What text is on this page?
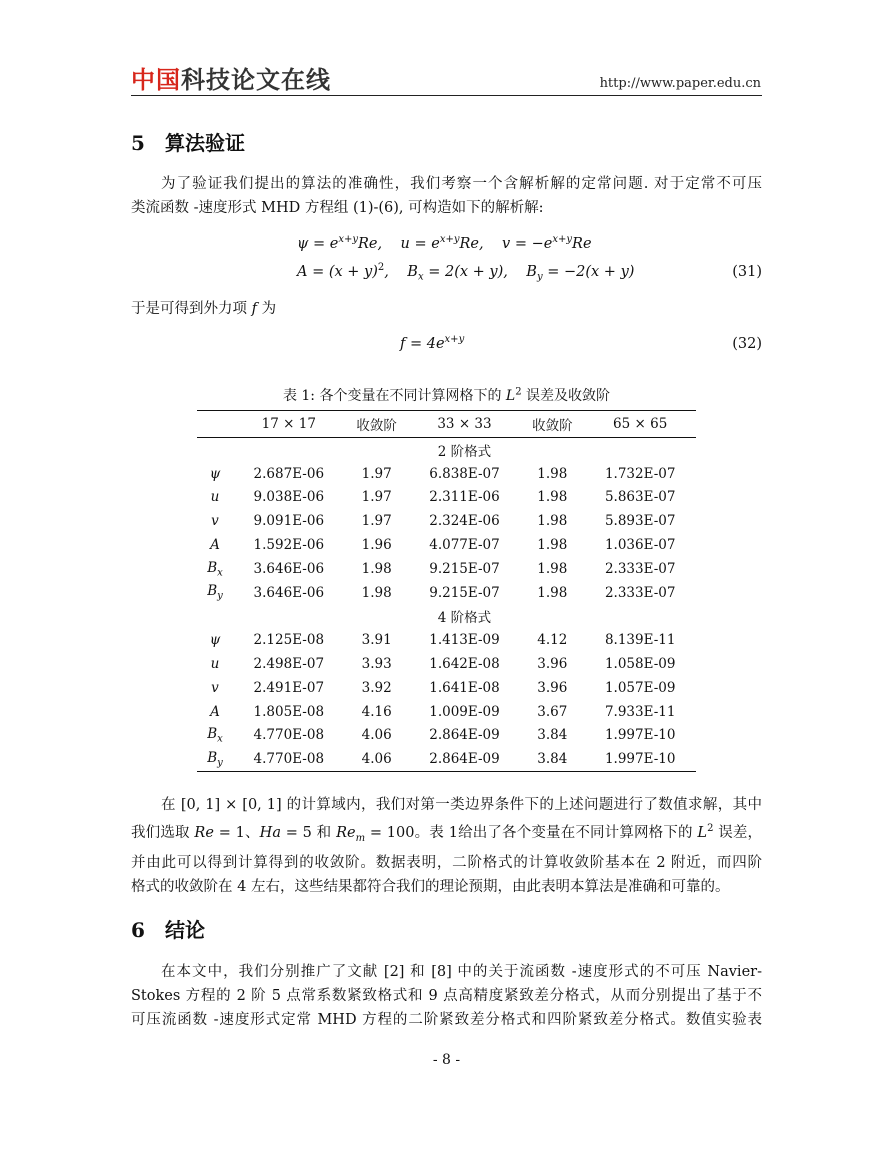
中国科技论文在线	http://www.paper.edu.cn
5 算法验证
为了验证我们提出的算法的准确性，我们考察一个含解析解的定常问题. 对于定常不可压
类流函数 -速度形式 MHD 方程组 (1)-(6), 可构造如下的解析解:
$\psi = e^{x+y}Re$,    $u = e^{x+y}Re$,    $v = -e^{x+y}Re$
$A = (x + y)^2$,    $B_x = 2(x + y)$,    $B_y = -2(x + y)$	(31)
于是可得到外力项 f 为
$f = 4e^{x+y}$	(32)
表 1: 各个变量在不同计算网格下的 $L^2$ 误差及收敛阶
	17 × 17	收敛阶	33 × 33	收敛阶	65 × 65
	2 阶格式				
ψ	2.687E-06	1.97	6.838E-07	1.98	1.732E-07
u	9.038E-06	1.97	2.311E-06	1.98	5.863E-07
v	9.091E-06	1.97	2.324E-06	1.98	5.893E-07
A	1.592E-06	1.96	4.077E-07	1.98	1.036E-07
$B_x$	3.646E-06	1.98	9.215E-07	1.98	2.333E-07
$B_y$	3.646E-06	1.98	9.215E-07	1.98	2.333E-07
	4 阶格式				
ψ	2.125E-08	3.91	1.413E-09	4.12	8.139E-11
u	2.498E-07	3.93	1.642E-08	3.96	1.058E-09
v	2.491E-07	3.92	1.641E-08	3.96	1.057E-09
A	1.805E-08	4.16	1.009E-09	3.67	7.933E-11
$B_x$	4.770E-08	4.06	2.864E-09	3.84	1.997E-10
$B_y$	4.770E-08	4.06	2.864E-09	3.84	1.997E-10
在 [0, 1] × [0, 1] 的计算域内，我们对第一类边界条件下的上述问题进行了数值求解，其中
我们选取 Re = 1、Ha = 5 和 $Re_m = 100$。表 1给出了各个变量在不同计算网格下的 $L^2$ 误差，
并由此可以得到计算得到的收敛阶。数据表明，二阶格式的计算收敛阶基本在 2 附近，而四阶
格式的收敛阶在 4 左右，这些结果都符合我们的理论预期，由此表明本算法是准确和可靠的。
6 结论
在本文中，我们分别推广了文献 [2] 和 [8] 中的关于流函数 -速度形式的不可压 Navier-
Stokes 方程的 2 阶 5 点常系数紧致格式和 9 点高精度紧致差分格式，从而分别提出了基于不
可压流函数 -速度形式定常 MHD 方程的二阶紧致差分格式和四阶紧致差分格式。数值实验表
- 8 -
